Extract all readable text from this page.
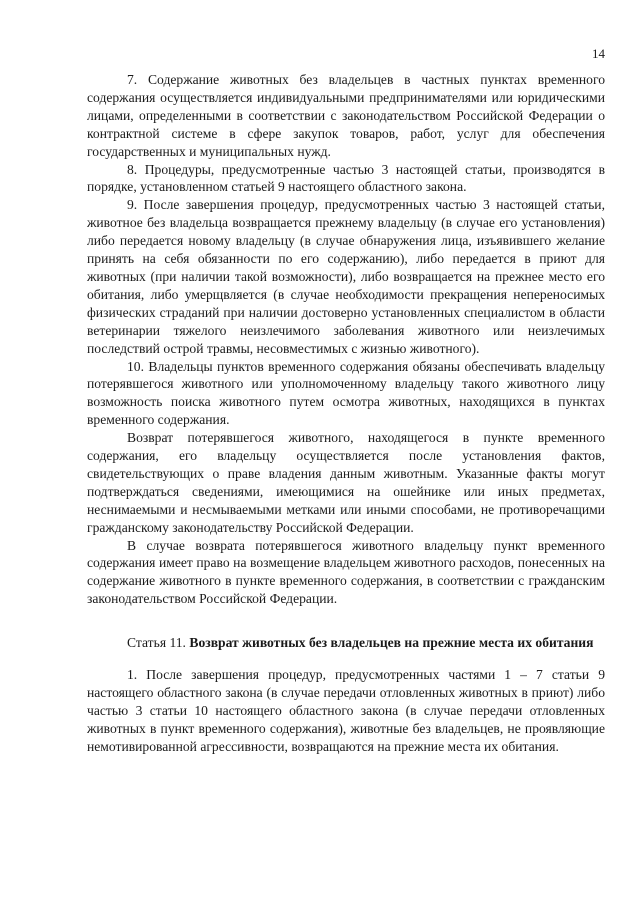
14

7. Содержание животных без владельцев в частных пунктах временного содержания осуществляется индивидуальными предпринимателями или юридическими лицами, определенными в соответствии с законодательством Российской Федерации о контрактной системе в сфере закупок товаров, работ, услуг для обеспечения государственных и муниципальных нужд.

8. Процедуры, предусмотренные частью 3 настоящей статьи, производятся в порядке, установленном статьей 9 настоящего областного закона.

9. После завершения процедур, предусмотренных частью 3 настоящей статьи, животное без владельца возвращается прежнему владельцу (в случае его установления) либо передается новому владельцу (в случае обнаружения лица, изъявившего желание принять на себя обязанности по его содержанию), либо передается в приют для животных (при наличии такой возможности), либо возвращается на прежнее место его обитания, либо умерщвляется (в случае необходимости прекращения непереносимых физических страданий при наличии достоверно установленных специалистом в области ветеринарии тяжелого неизлечимого заболевания животного или неизлечимых последствий острой травмы, несовместимых с жизнью животного).

10. Владельцы пунктов временного содержания обязаны обеспечивать владельцу потерявшегося животного или уполномоченному владельцу такого животного лицу возможность поиска животного путем осмотра животных, находящихся в пунктах временного содержания.

Возврат потерявшегося животного, находящегося в пункте временного содержания, его владельцу осуществляется после установления фактов, свидетельствующих о праве владения данным животным. Указанные факты могут подтверждаться сведениями, имеющимися на ошейнике или иных предметах, неснимаемыми и несмываемыми метками или иными способами, не противоречащими гражданскому законодательству Российской Федерации.

В случае возврата потерявшегося животного владельцу пункт временного содержания имеет право на возмещение владельцем животного расходов, понесенных на содержание животного в пункте временного содержания, в соответствии с гражданским законодательством Российской Федерации.

Статья 11. Возврат животных без владельцев на прежние места их обитания

1. После завершения процедур, предусмотренных частями 1 – 7 статьи 9 настоящего областного закона (в случае передачи отловленных животных в приют) либо частью 3 статьи 10 настоящего областного закона (в случае передачи отловленных животных в пункт временного содержания), животные без владельцев, не проявляющие немотивированной агрессивности, возвращаются на прежние места их обитания.
